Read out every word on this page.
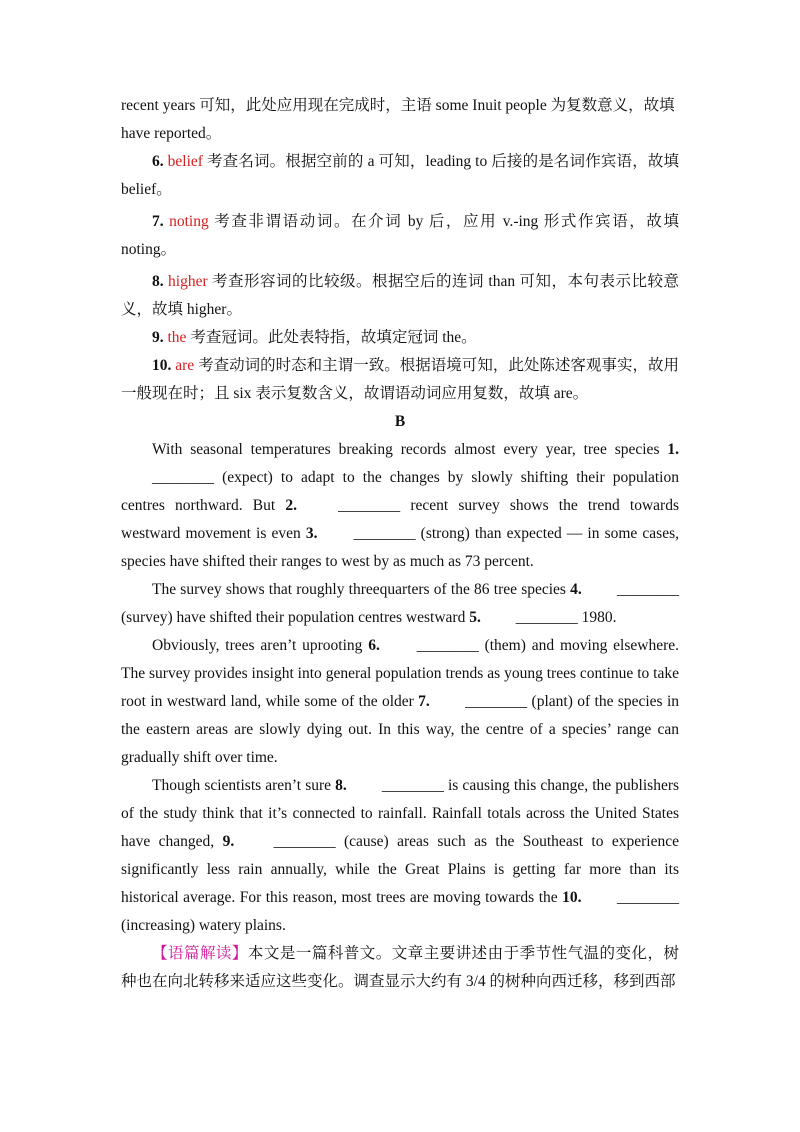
recent years 可知，此处应用现在完成时，主语 some Inuit people 为复数意义，故填
have reported。

6. belief 考查名词。根据空前的 a 可知，leading to 后接的是名词作宾语，故填 belief。

7. noting 考查非谓语动词。在介词 by 后，应用 v.-ing 形式作宾语，故填 noting。

8. higher 考查形容词的比较级。根据空后的连词 than 可知，本句表示比较意义，故填 higher。

9. the 考查冠词。此处表特指，故填定冠词 the。

10. are 考查动词的时态和主谓一致。根据语境可知，此处陈述客观事实，故用一般现在时；且 six 表示复数含义，故谓语动词应用复数，故填 are。

B

With seasonal temperatures breaking records almost every year, tree species 1. ________ (expect) to adapt to the changes by slowly shifting their population centres northward. But 2.	________ recent survey shows the trend towards westward movement is even 3. ________ (strong) than expected — in some cases, species have shifted their ranges to west by as much as 73 percent.

The survey shows that roughly threequarters of the 86 tree species 4. ________ (survey) have shifted their population centres westward 5. ________ 1980.

Obviously, trees aren’t uprooting 6. ________ (them) and moving elsewhere. The survey provides insight into general population trends as young trees continue to take root in westward land, while some of the older 7. ________ (plant) of the species in the eastern areas are slowly dying out. In this way, the centre of a species’ range can gradually shift over time.

Though scientists aren’t sure 8. ________ is causing this change, the publishers of the study think that it’s connected to rainfall. Rainfall totals across the United States have changed, 9.	________ (cause) areas such as the Southeast to experience significantly less rain annually, while the Great Plains is getting far more than its historical average. For this reason, most trees are moving towards the 10. ________ (increasing) watery plains.

【语篇解读】本文是一篇科普文。文章主要讲述由于季节性气温的变化，树种也在向北转移来适应这些变化。调查显示大约有 3/4 的树种向西迁移，移到西部
